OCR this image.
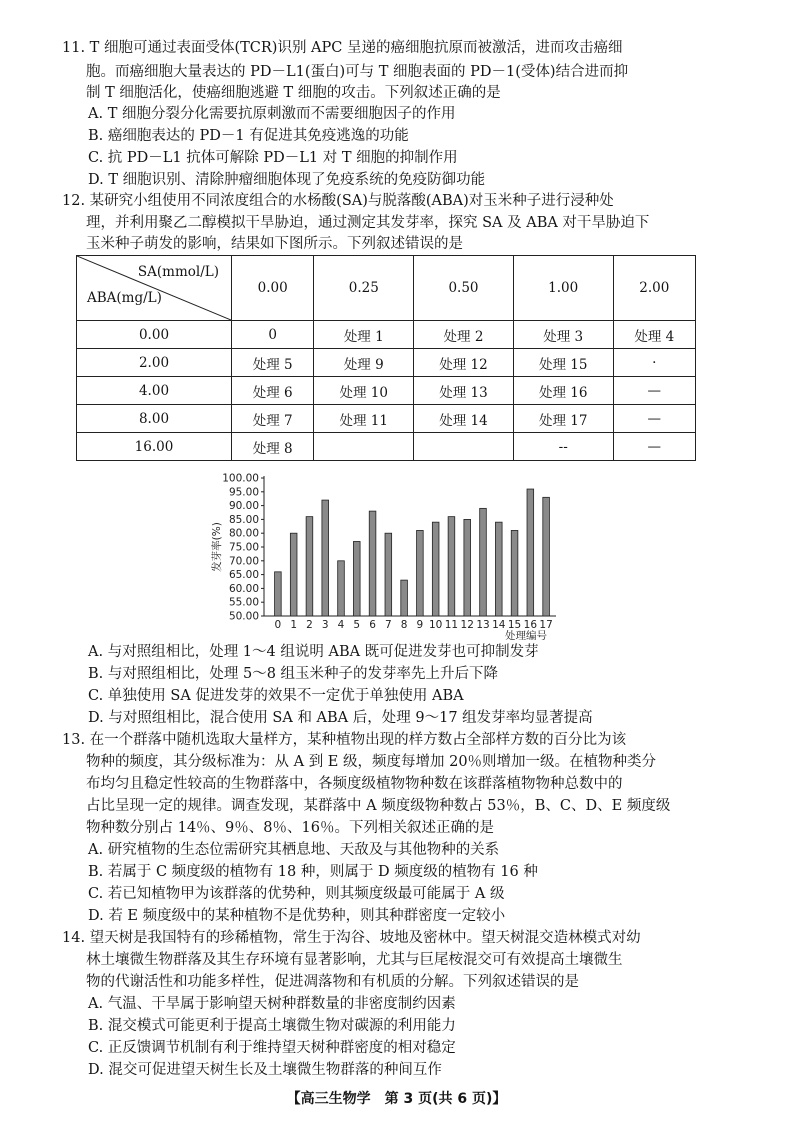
11. T 细胞可通过表面受体(TCR)识别 APC 呈递的癌细胞抗原而被激活，进而攻击癌细
胞。而癌细胞大量表达的 PD－L1(蛋白)可与 T 细胞表面的 PD－1(受体)结合进而抑
制 T 细胞活化，使癌细胞逃避 T 细胞的攻击。下列叙述正确的是
A. T 细胞分裂分化需要抗原刺激而不需要细胞因子的作用
B. 癌细胞表达的 PD－1 有促进其免疫逃逸的功能
C. 抗 PD－L1 抗体可解除 PD－L1 对 T 细胞的抑制作用
D. T 细胞识别、清除肿瘤细胞体现了免疫系统的免疫防御功能
12. 某研究小组使用不同浓度组合的水杨酸(SA)与脱落酸(ABA)对玉米种子进行浸种处
理，并利用聚乙二醇模拟干旱胁迫，通过测定其发芽率，探究 SA 及 ABA 对干旱胁迫下
玉米种子萌发的影响，结果如下图所示。下列叙述错误的是
SA(mmol/L)
ABA(mg/L)	0.00	0.25	0.50	1.00	2.00
0.00	0	处理 1	处理 2	处理 3	处理 4
2.00	处理 5	处理 9	处理 12	处理 15	·
4.00	处理 6	处理 10	处理 13	处理 16	—
8.00	处理 7	处理 11	处理 14	处理 17	—
16.00	处理 8			--	—
50.00
55.00
60.00
65.00
70.00
75.00
80.00
85.00
90.00
95.00
100.00
发芽率(%)
0 1 2 3 4 5 6 7 8 9 10 11 12 13 14 15 16 17
处理编号
A. 与对照组相比，处理 1～4 组说明 ABA 既可促进发芽也可抑制发芽
B. 与对照组相比，处理 5～8 组玉米种子的发芽率先上升后下降
C. 单独使用 SA 促进发芽的效果不一定优于单独使用 ABA
D. 与对照组相比，混合使用 SA 和 ABA 后，处理 9～17 组发芽率均显著提高
13. 在一个群落中随机选取大量样方，某种植物出现的样方数占全部样方数的百分比为该
物种的频度，其分级标准为：从 A 到 E 级，频度每增加 20％则增加一级。在植物种类分
布均匀且稳定性较高的生物群落中，各频度级植物物种数在该群落植物物种总数中的
占比呈现一定的规律。调查发现，某群落中 A 频度级物种数占 53％，B、C、D、E 频度级
物种数分别占 14％、9％、8％、16％。下列相关叙述正确的是
A. 研究植物的生态位需研究其栖息地、天敌及与其他物种的关系
B. 若属于 C 频度级的植物有 18 种，则属于 D 频度级的植物有 16 种
C. 若已知植物甲为该群落的优势种，则其频度级最可能属于 A 级
D. 若 E 频度级中的某种植物不是优势种，则其种群密度一定较小
14. 望天树是我国特有的珍稀植物，常生于沟谷、坡地及密林中。望天树混交造林模式对幼
林土壤微生物群落及其生存环境有显著影响，尤其与巨尾桉混交可有效提高土壤微生
物的代谢活性和功能多样性，促进凋落物和有机质的分解。下列叙述错误的是
A. 气温、干旱属于影响望天树种群数量的非密度制约因素
B. 混交模式可能更利于提高土壤微生物对碳源的利用能力
C. 正反馈调节机制有利于维持望天树种群密度的相对稳定
D. 混交可促进望天树生长及土壤微生物群落的种间互作
【高三生物学　第 3 页(共 6 页)】
